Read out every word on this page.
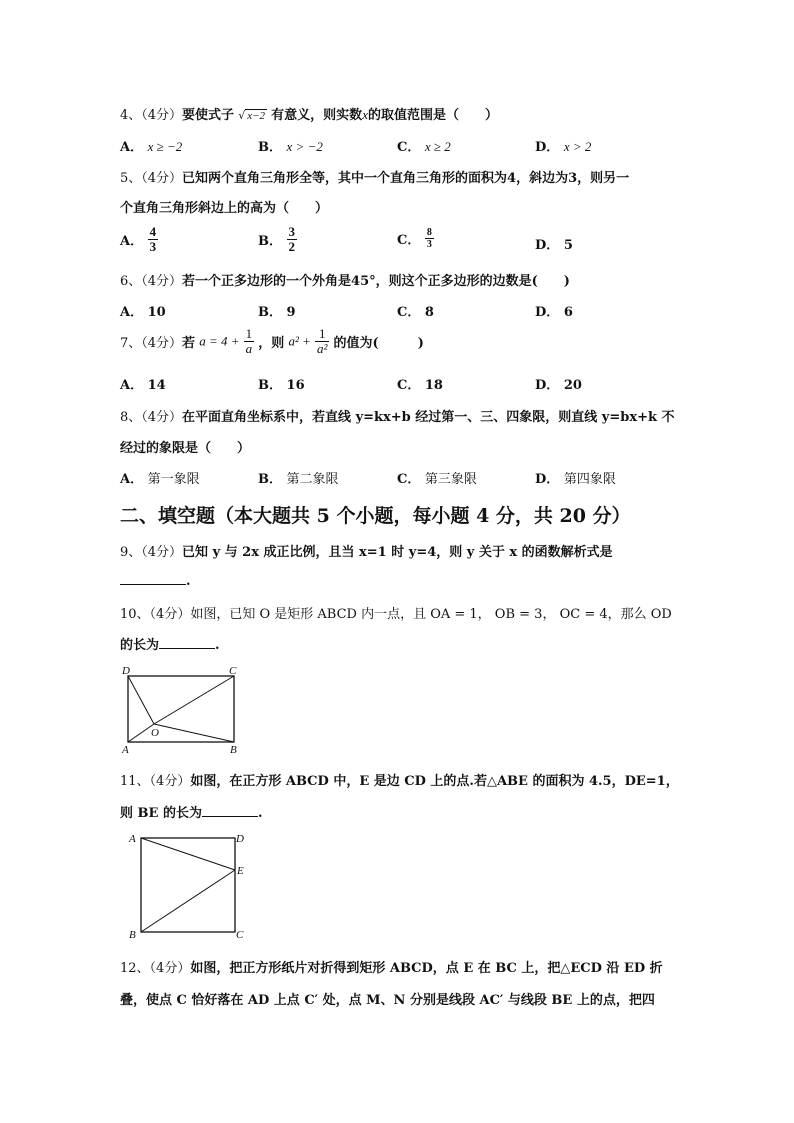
4、（4分）要使式子 √ x−2 有意义，则实数x的取值范围是（　　）
A． x ≥ −2	B． x > −2	C． x ≥ 2	D． x > 2
5、（4分）已知两个直角三角形全等，其中一个直角三角形的面积为4，斜边为3，则另一
个直角三角形斜边上的高为（　　）
A． $\frac{4}{3}$	B． $\frac{3}{2}$	C． $\frac{8}{3}$	D． 5
6、（4分）若一个正多边形的一个外角是45°，则这个正多边形的边数是(　　)
A． 10	B． 9	C． 8	D． 6
7、（4分）若 $a = 4 + \frac{1}{a}$ ，则 $a^2 + \frac{1}{\text{a²}}$ 的值为(　　　)
A． 14	B． 16	C． 18	D． 20
8、（4分）在平面直角坐标系中，若直线 y=kx+b 经过第一、三、四象限，则直线 y=bx+k 不
经过的象限是（　　）
A． 第一象限	B． 第二象限	C． 第三象限	D． 第四象限
二、填空题（本大题共 5 个小题，每小题 4 分，共 20 分）
9、（4分）已知 y 与 2x 成正比例，且当 x=1 时 y=4，则 y 关于 x 的函数解析式是
.
10、（4分）如图，已知 O 是矩形 ABCD 内一点，且 OA = 1， OB = 3， OC = 4，那么 OD
的长为	.
D	C
A	B
O
11、（4分）如图，在正方形 ABCD 中，E 是边 CD 上的点.若△ABE 的面积为 4.5，DE=1，
则 BE 的长为	.
A	D
E
B	C
12、（4分）如图，把正方形纸片对折得到矩形 ABCD，点 E 在 BC 上，把△ECD 沿 ED 折
叠，使点 C 恰好落在 AD 上点 C′ 处，点 M、N 分别是线段 AC′ 与线段 BE 上的点，把四
